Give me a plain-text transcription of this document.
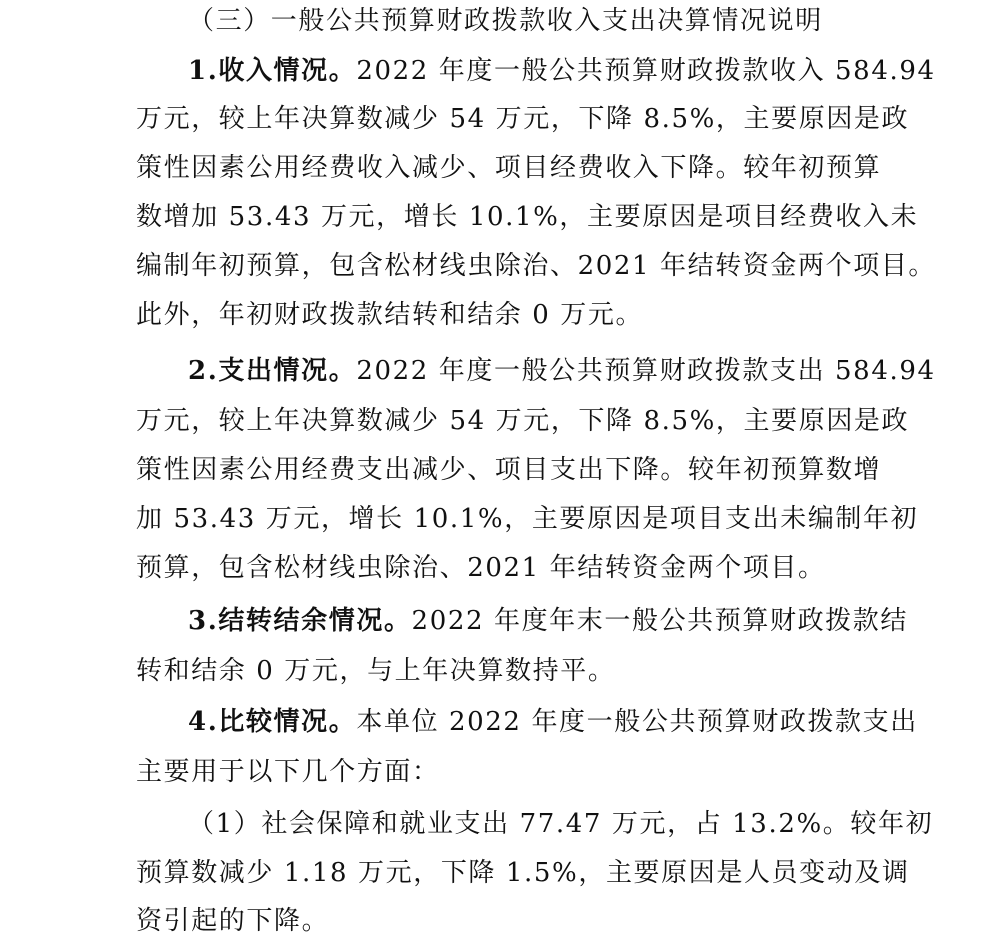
（三）一般公共预算财政拨款收入支出决算情况说明
1.收入情况。2022 年度一般公共预算财政拨款收入 584.94
万元，较上年决算数减少 54 万元，下降 8.5%，主要原因是政
策性因素公用经费收入减少、项目经费收入下降。较年初预算
数增加 53.43 万元，增长 10.1%，主要原因是项目经费收入未
编制年初预算，包含松材线虫除治、2021 年结转资金两个项目。
此外，年初财政拨款结转和结余 0 万元。
2.支出情况。2022 年度一般公共预算财政拨款支出 584.94
万元，较上年决算数减少 54 万元，下降 8.5%，主要原因是政
策性因素公用经费支出减少、项目支出下降。较年初预算数增
加 53.43 万元，增长 10.1%，主要原因是项目支出未编制年初
预算，包含松材线虫除治、2021 年结转资金两个项目。
3.结转结余情况。2022 年度年末一般公共预算财政拨款结
转和结余 0 万元，与上年决算数持平。
4.比较情况。本单位 2022 年度一般公共预算财政拨款支出
主要用于以下几个方面：
（1）社会保障和就业支出 77.47 万元，占 13.2%。较年初
预算数减少 1.18 万元，下降 1.5%，主要原因是人员变动及调
资引起的下降。
